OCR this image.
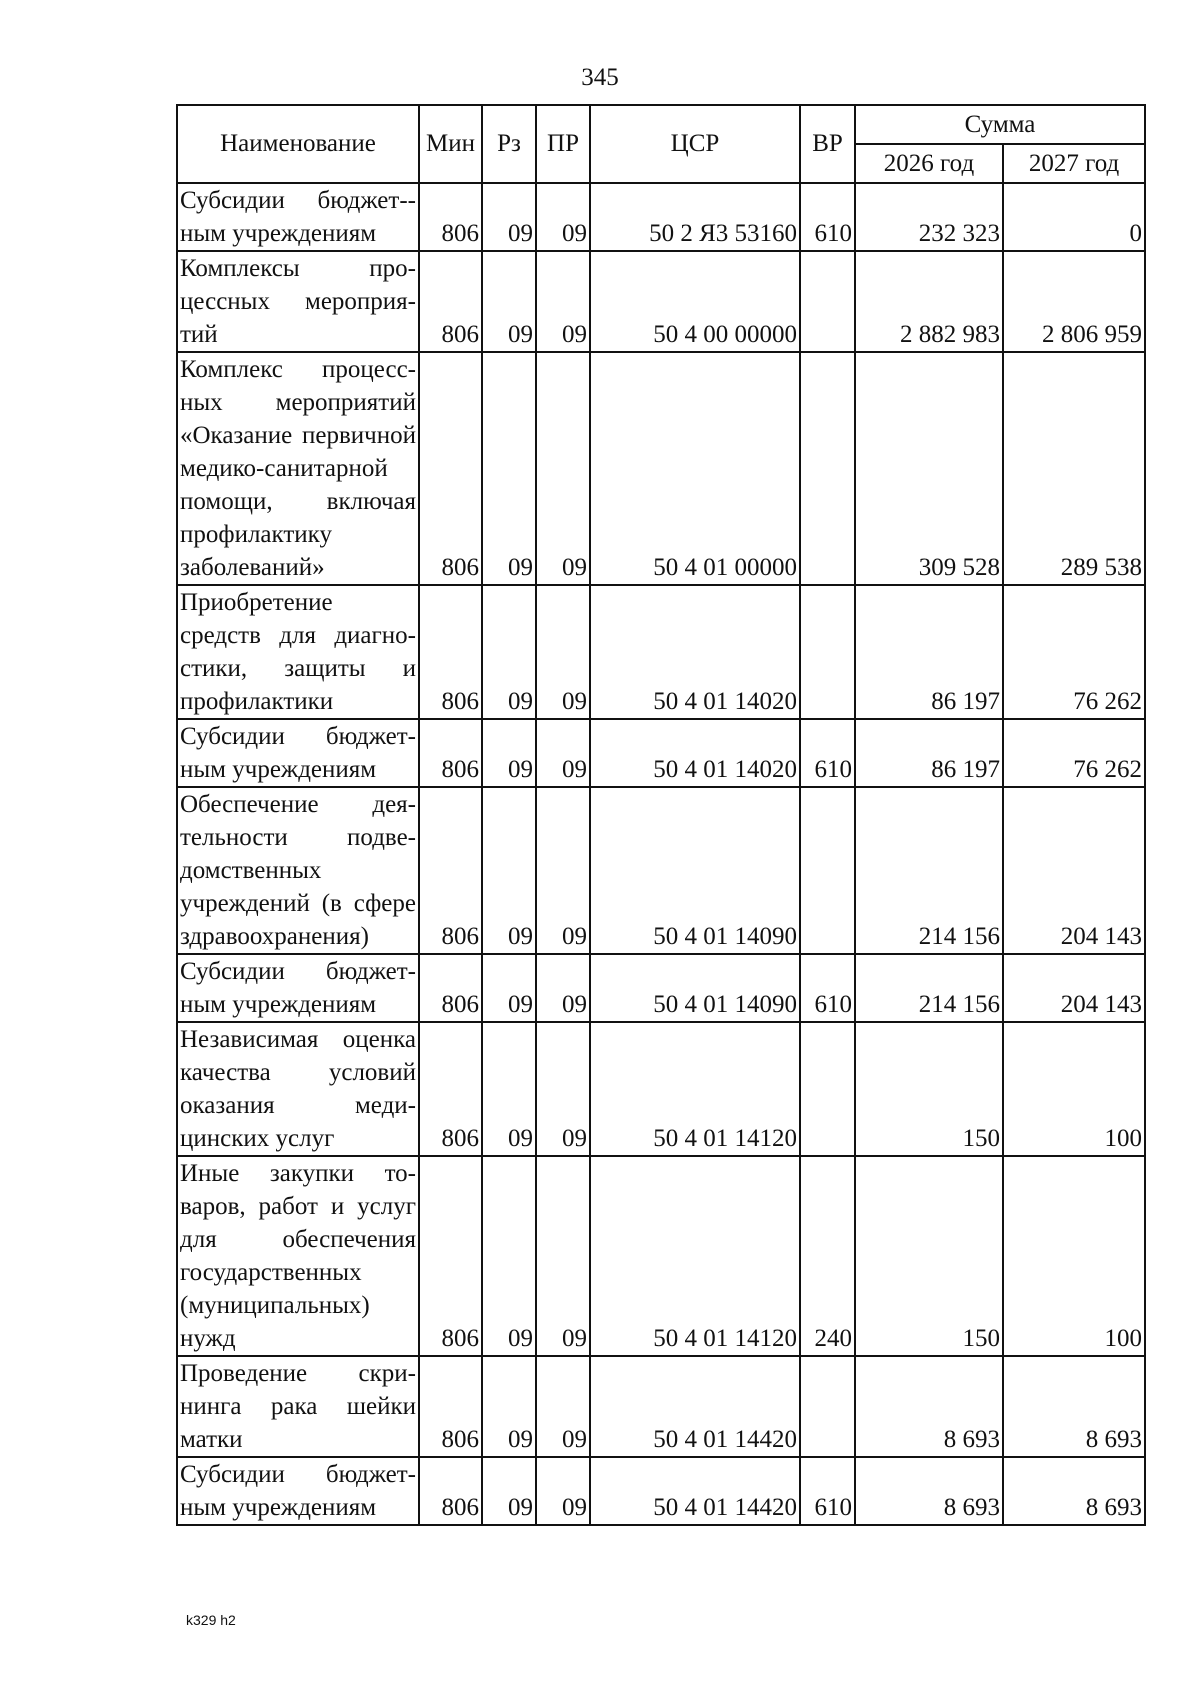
345
Наименование	Мин	Рз	ПР	ЦСР	ВР	Сумма	
						2026 год	2027 год
Субсидии бюджет-ным учреждениям	806	09	09	50 2 Я3 53160	610	232 323	0
Комплексы процессных мероприятий	806	09	09	50 4 00 00000		2 882 983	2 806 959
Комплекс процессных мероприятий «Оказание первичной медико-санитарной помощи, включая профилактику заболеваний»	806	09	09	50 4 01 00000		309 528	289 538
Приобретение средств для диагностики, защиты и профилактики	806	09	09	50 4 01 14020		86 197	76 262
Субсидии бюджетным учреждениям	806	09	09	50 4 01 14020	610	86 197	76 262
Обеспечение деятельности подведомственных учреждений (в сфере здравоохранения)	806	09	09	50 4 01 14090		214 156	204 143
Субсидии бюджетным учреждениям	806	09	09	50 4 01 14090	610	214 156	204 143
Независимая оценка качества условий оказания медицинских услуг	806	09	09	50 4 01 14120		150	100
Иные закупки товаров, работ и услуг для обеспечения государственных (муниципальных) нужд	806	09	09	50 4 01 14120	240	150	100
Проведение скрининга рака шейки матки	806	09	09	50 4 01 14420		8 693	8 693
Субсидии бюджетным учреждениям	806	09	09	50 4 01 14420	610	8 693	8 693
k329 h2
